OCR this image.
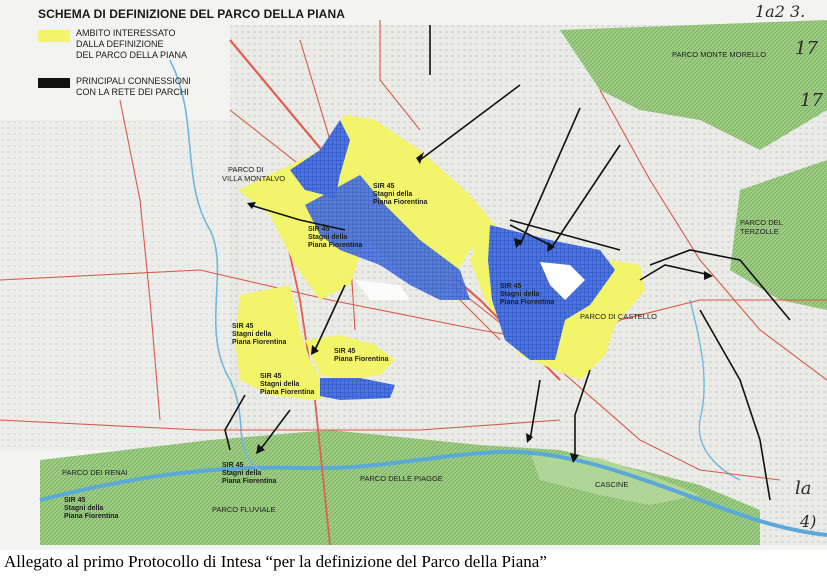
SCHEMA DI DEFINIZIONE DEL PARCO DELLA PIANA
AMBITO INTERESSATO
DALLA DEFINIZIONE
DEL PARCO DELLA PIANA
PRINCIPALI CONNESSIONI
CON LA RETE DEI PARCHI
PARCO MONTE MORELLO
PARCO DI
VILLA MONTALVO
PARCO DI CASTELLO
PARCO DEL
TERZOLLE
PARCO DEI RENAI
PARCO DELLE PIAGGE
PARCO FLUVIALE
CASCINE
SIR 45
Stagni della
Piana Fiorentina
SIR 45
Stagni della
Piana Fiorentina
SIR 45
Stagni della
Piana Fiorentina
SIR 45
Stagni della
Piana Fiorentina
SIR 45
Piana Fiorentina
SIR 45
Stagni della
Piana Fiorentina
SIR 45
Stagni della
Piana Fiorentina
SIR 45
Stagni della
Piana Fiorentina
1a2 3.
17
17
la
4)
Allegato al primo Protocollo di Intesa “per la definizione del Parco della Piana”
